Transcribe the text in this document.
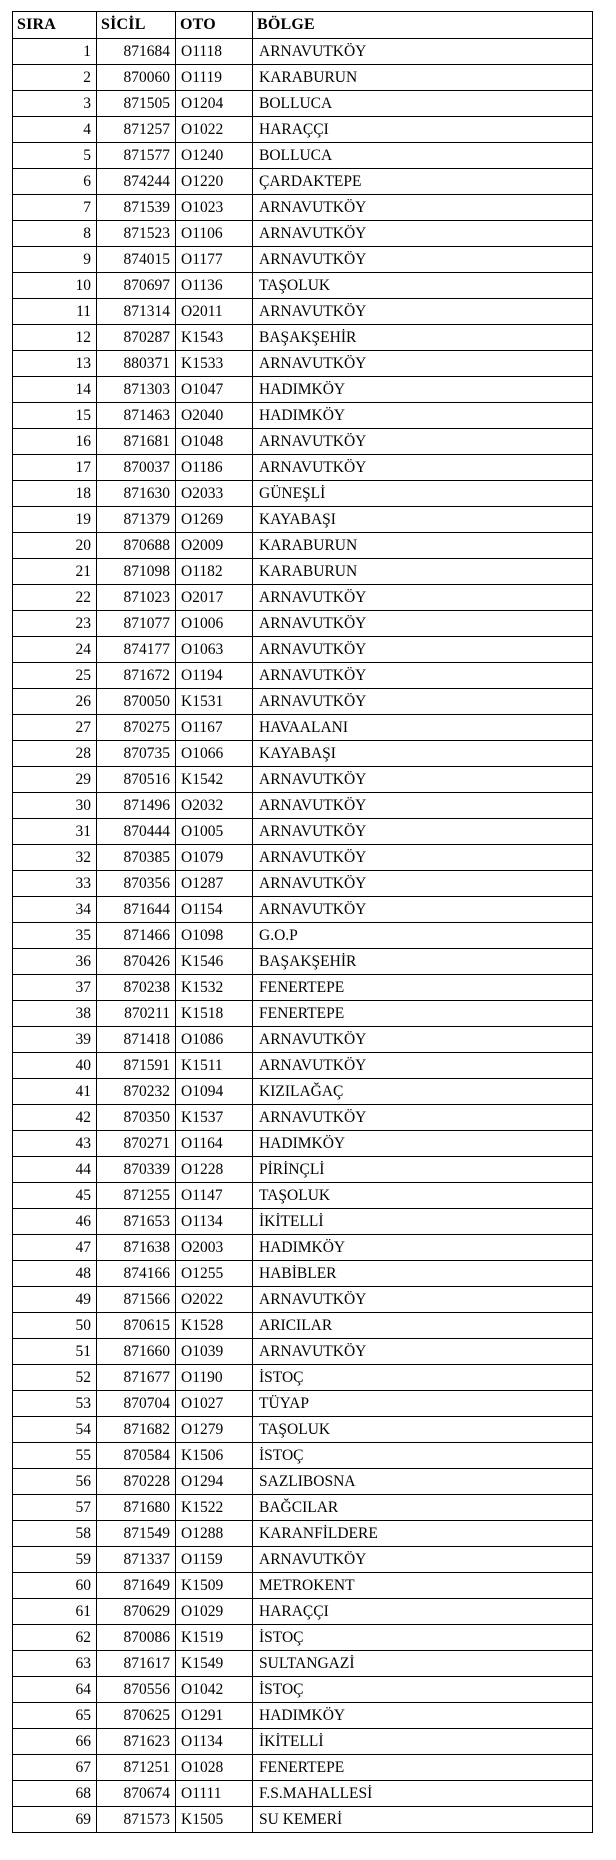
SIRA	SİCİL	OTO	BÖLGE
1	871684	O1118	ARNAVUTKÖY
2	870060	O1119	KARABURUN
3	871505	O1204	BOLLUCA
4	871257	O1022	HARAÇÇI
5	871577	O1240	BOLLUCA
6	874244	O1220	ÇARDAKTEPE
7	871539	O1023	ARNAVUTKÖY
8	871523	O1106	ARNAVUTKÖY
9	874015	O1177	ARNAVUTKÖY
10	870697	O1136	TAŞOLUK
11	871314	O2011	ARNAVUTKÖY
12	870287	K1543	BAŞAKŞEHİR
13	880371	K1533	ARNAVUTKÖY
14	871303	O1047	HADIMKÖY
15	871463	O2040	HADIMKÖY
16	871681	O1048	ARNAVUTKÖY
17	870037	O1186	ARNAVUTKÖY
18	871630	O2033	GÜNEŞLİ
19	871379	O1269	KAYABAŞI
20	870688	O2009	KARABURUN
21	871098	O1182	KARABURUN
22	871023	O2017	ARNAVUTKÖY
23	871077	O1006	ARNAVUTKÖY
24	874177	O1063	ARNAVUTKÖY
25	871672	O1194	ARNAVUTKÖY
26	870050	K1531	ARNAVUTKÖY
27	870275	O1167	HAVAALANI
28	870735	O1066	KAYABAŞI
29	870516	K1542	ARNAVUTKÖY
30	871496	O2032	ARNAVUTKÖY
31	870444	O1005	ARNAVUTKÖY
32	870385	O1079	ARNAVUTKÖY
33	870356	O1287	ARNAVUTKÖY
34	871644	O1154	ARNAVUTKÖY
35	871466	O1098	G.O.P
36	870426	K1546	BAŞAKŞEHİR
37	870238	K1532	FENERTEPE
38	870211	K1518	FENERTEPE
39	871418	O1086	ARNAVUTKÖY
40	871591	K1511	ARNAVUTKÖY
41	870232	O1094	KIZILAĞAÇ
42	870350	K1537	ARNAVUTKÖY
43	870271	O1164	HADIMKÖY
44	870339	O1228	PİRİNÇLİ
45	871255	O1147	TAŞOLUK
46	871653	O1134	İKİTELLİ
47	871638	O2003	HADIMKÖY
48	874166	O1255	HABİBLER
49	871566	O2022	ARNAVUTKÖY
50	870615	K1528	ARICILAR
51	871660	O1039	ARNAVUTKÖY
52	871677	O1190	İSTOÇ
53	870704	O1027	TÜYAP
54	871682	O1279	TAŞOLUK
55	870584	K1506	İSTOÇ
56	870228	O1294	SAZLIBOSNA
57	871680	K1522	BAĞCILAR
58	871549	O1288	KARANFİLDERE
59	871337	O1159	ARNAVUTKÖY
60	871649	K1509	METROKENT
61	870629	O1029	HARAÇÇI
62	870086	K1519	İSTOÇ
63	871617	K1549	SULTANGAZİ
64	870556	O1042	İSTOÇ
65	870625	O1291	HADIMKÖY
66	871623	O1134	İKİTELLİ
67	871251	O1028	FENERTEPE
68	870674	O1111	F.S.MAHALLESİ
69	871573	K1505	SU KEMERİ
